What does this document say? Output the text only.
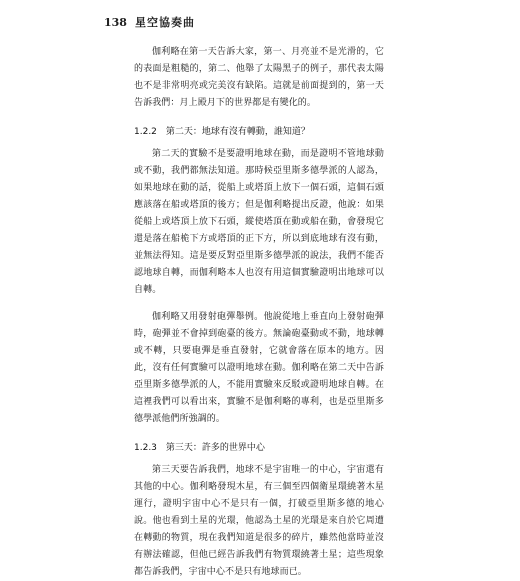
138 星空協奏曲

伽利略在第一天告訴大家，第一、月亮並不是光滑的，它的表面是粗糙的，第二、他舉了太陽黑子的例子，那代表太陽也不是非常明亮或完美沒有缺陷。這就是前面提到的，第一天告訴我們：月上殿月下的世界都是有變化的。

1.2.2 第二天：地球有沒有轉動，誰知道？

第二天的實驗不是要證明地球在動，而是證明不管地球動或不動，我們都無法知道。那時候亞里斯多德學派的人認為，如果地球在動的話，從船上或塔頂上放下一個石頭，這個石頭應該落在船或塔頂的後方；但是伽利略提出反證，他說：如果從船上或塔頂上放下石頭，縱使塔頂在動或船在動，會發現它還是落在船桅下方或塔頂的正下方，所以到底地球有沒有動，並無法得知。這是要反對亞里斯多德學派的說法，我們不能否認地球自轉，而伽利略本人也沒有用這個實驗證明出地球可以自轉。

伽利略又用發射砲彈舉例。他說從地上垂直向上發射砲彈時，砲彈並不會掉到砲臺的後方。無論砲臺動或不動，地球轉或不轉，只要砲彈是垂直發射，它就會落在原本的地方。因此，沒有任何實驗可以證明地球在動。伽利略在第二天中告訴亞里斯多德學派的人，不能用實驗來反駁或證明地球自轉。在這裡我們可以看出來，實驗不是伽利略的專利，也是亞里斯多德學派他們所強調的。

1.2.3 第三天：許多的世界中心

第三天要告訴我們，地球不是宇宙唯一的中心，宇宙還有其他的中心。伽利略發現木星，有三個至四個衛星環繞著木星運行，證明宇宙中心不是只有一個，打破亞里斯多德的地心說。他也看到土星的光環，他認為土星的光環是來自於它周遭在轉動的物質，現在我們知道是很多的碎片，雖然他當時並沒有辦法確認，但他已經告訴我們有物質環繞著土星；這些現象都告訴我們，宇宙中心不是只有地球而已。
